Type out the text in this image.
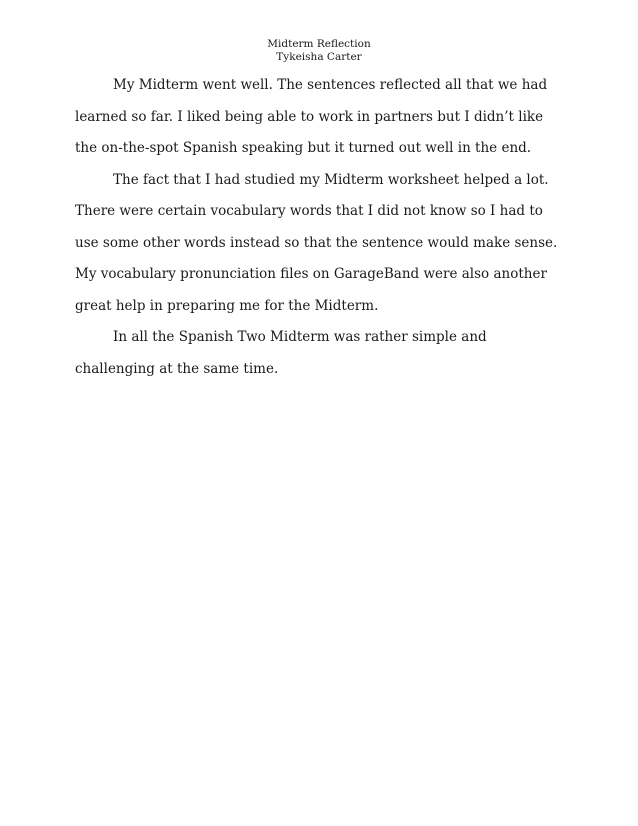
Midterm Reflection
Tykeisha Carter

My Midterm went well. The sentences reflected all that we had learned so far. I liked being able to work in partners but I didn’t like the on-the-spot Spanish speaking but it turned out well in the end.

The fact that I had studied my Midterm worksheet helped a lot. There were certain vocabulary words that I did not know so I had to use some other words instead so that the sentence would make sense. My vocabulary pronunciation files on GarageBand were also another great help in preparing me for the Midterm.

In all the Spanish Two Midterm was rather simple and challenging at the same time.
